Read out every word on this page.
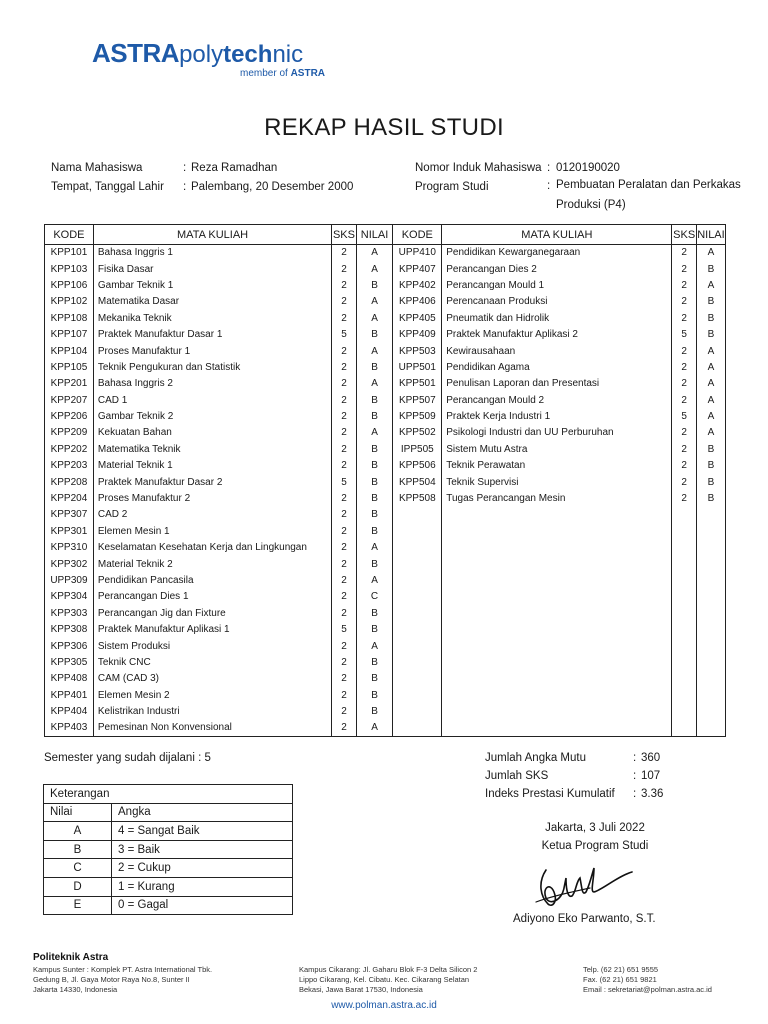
ASTRApolytechnic
member of ASTRA
REKAP HASIL STUDI
Nama Mahasiswa	: Reza Ramadhan
Tempat, Tanggal Lahir : Palembang, 20 Desember 2000
Nomor Induk Mahasiswa : 0120190020
Program Studi	: Pembuatan Peralatan dan Perkakas
Produksi (P4)
KODE	MATA KULIAH	SKS	NILAI	KODE	MATA KULIAH	SKS	NILAI
KPP101	Bahasa Inggris 1	2	A	UPP410	Pendidikan Kewarganegaraan	2	A
KPP103	Fisika Dasar	2	A	KPP407	Perancangan Dies 2	2	B
KPP106	Gambar Teknik 1	2	B	KPP402	Perancangan Mould 1	2	A
KPP102	Matematika Dasar	2	A	KPP406	Perencanaan Produksi	2	B
KPP108	Mekanika Teknik	2	A	KPP405	Pneumatik dan Hidrolik	2	B
KPP107	Praktek Manufaktur Dasar 1	5	B	KPP409	Praktek Manufaktur Aplikasi 2	5	B
KPP104	Proses Manufaktur 1	2	A	KPP503	Kewirausahaan	2	A
KPP105	Teknik Pengukuran dan Statistik	2	B	UPP501	Pendidikan Agama	2	A
KPP201	Bahasa Inggris 2	2	A	KPP501	Penulisan Laporan dan Presentasi	2	A
KPP207	CAD 1	2	B	KPP507	Perancangan Mould 2	2	A
KPP206	Gambar Teknik 2	2	B	KPP509	Praktek Kerja Industri 1	5	A
KPP209	Kekuatan Bahan	2	A	KPP502	Psikologi Industri dan UU Perburuhan	2	A
KPP202	Matematika Teknik	2	B	IPP505	Sistem Mutu Astra	2	B
KPP203	Material Teknik 1	2	B	KPP506	Teknik Perawatan	2	B
KPP208	Praktek Manufaktur Dasar 2	5	B	KPP504	Teknik Supervisi	2	B
KPP204	Proses Manufaktur 2	2	B	KPP508	Tugas Perancangan Mesin	2	B
KPP307	CAD 2	2	B				
KPP301	Elemen Mesin 1	2	B				
KPP310	Keselamatan Kesehatan Kerja dan Lingkungan	2	A				
KPP302	Material Teknik 2	2	B				
UPP309	Pendidikan Pancasila	2	A				
KPP304	Perancangan Dies 1	2	C				
KPP303	Perancangan Jig dan Fixture	2	B				
KPP308	Praktek Manufaktur Aplikasi 1	5	B				
KPP306	Sistem Produksi	2	A				
KPP305	Teknik CNC	2	B				
KPP408	CAM (CAD 3)	2	B				
KPP401	Elemen Mesin 2	2	B				
KPP404	Kelistrikan Industri	2	B				
KPP403	Pemesinan Non Konvensional	2	A				
Semester yang sudah dijalani : 5	Jumlah Angka Mutu	: 360
Jumlah SKS	: 107
Indeks Prestasi Kumulatif : 3.36
Keterangan	
Nilai	Angka
A	4 = Sangat Baik
B	3 = Baik
C	2 = Cukup
D	1 = Kurang
E	0 = Gagal
Jakarta, 3 Juli 2022
Ketua Program Studi
Adiyono Eko Parwanto, S.T.
Politeknik Astra
Kampus Sunter : Komplek PT. Astra International Tbk.
Gedung B, Jl. Gaya Motor Raya No.8, Sunter II
Jakarta 14330, Indonesia
Kampus Cikarang: Jl. Gaharu Blok F-3 Delta Silicon 2
Lippo Cikarang, Kel. Cibatu. Kec. Cikarang Selatan
Bekasi, Jawa Barat 17530, Indonesia
Telp. (62 21) 651 9555
Fax. (62 21) 651 9821
Email : sekretariat@polman.astra.ac.id
www.polman.astra.ac.id
